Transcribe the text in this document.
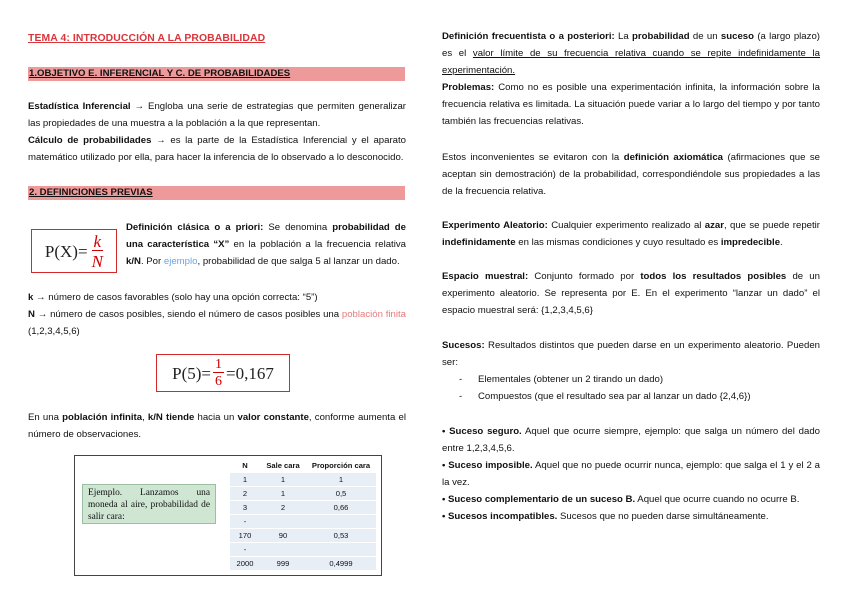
TEMA 4: INTRODUCCIÓN A LA PROBABILIDAD
1.OBJETIVO E. INFERENCIAL Y C. DE PROBABILIDADES

Estadística Inferencial → Engloba una serie de estrategias que permiten generalizar las propiedades de una muestra a la población a la que representan.

Cálculo de probabilidades → es la parte de la Estadística Inferencial y el aparato matemático utilizado por ella, para hacer la inferencia de lo observado a lo desconocido.

2. DEFINICIONES PREVIAS
$P(X)= \frac{k}{N}$

Definición clásica o a priori: Se denomina probabilidad de una característica “X” en la población a la frecuencia relativa k/N. Por ejemplo, probabilidad de que salga 5 al lanzar un dado.

k → número de casos favorables (solo hay una opción correcta: “5”)

N → número de casos posibles, siendo el número de casos posibles una población finita (1,2,3,4,5,6)

$P(5)= \frac{1}{6} =0,167$

En una población infinita, k/N tiende hacia un valor constante, conforme aumenta el número de observaciones.

Ejemplo. Lanzamos una moneda al aire, probabilidad de salir cara:
N	Sale cara	Proporción cara
1	1	1
2	1	0,5
3	2	0,66
-		
170	90	0,53
-		
2000	999	0,4999

Definición frecuentista o a posteriori: La probabilidad de un suceso (a largo plazo) es el valor límite de su frecuencia relativa cuando se repite indefinidamente la experimentación.

Problemas: Como no es posible una experimentación infinita, la información sobre la frecuencia relativa es limitada. La situación puede variar a lo largo del tiempo y por tanto también las frecuencias relativas.

Estos inconvenientes se evitaron con la definición axiomática (afirmaciones que se aceptan sin demostración) de la probabilidad, correspondiéndole sus propiedades a las de la frecuencia relativa.

Experimento Aleatorio: Cualquier experimento realizado al azar, que se puede repetir indefinidamente en las mismas condiciones y cuyo resultado es impredecible.

Espacio muestral: Conjunto formado por todos los resultados posibles de un experimento aleatorio. Se representa por E. En el experimento “lanzar un dado” el espacio muestral será: {1,2,3,4,5,6}

Sucesos: Resultados distintos que pueden darse en un experimento aleatorio. Pueden ser:

- Elementales (obtener un 2 tirando un dado)
- Compuestos (que el resultado sea par al lanzar un dado {2,4,6})

• Suceso seguro. Aquel que ocurre siempre, ejemplo: que salga un número del dado entre 1,2,3,4,5,6.

• Suceso imposible. Aquel que no puede ocurrir nunca, ejemplo: que salga el 1 y el 2 a la vez.

• Suceso complementario de un suceso B. Aquel que ocurre cuando no ocurre B.

• Sucesos incompatibles. Sucesos que no pueden darse simultáneamente.
